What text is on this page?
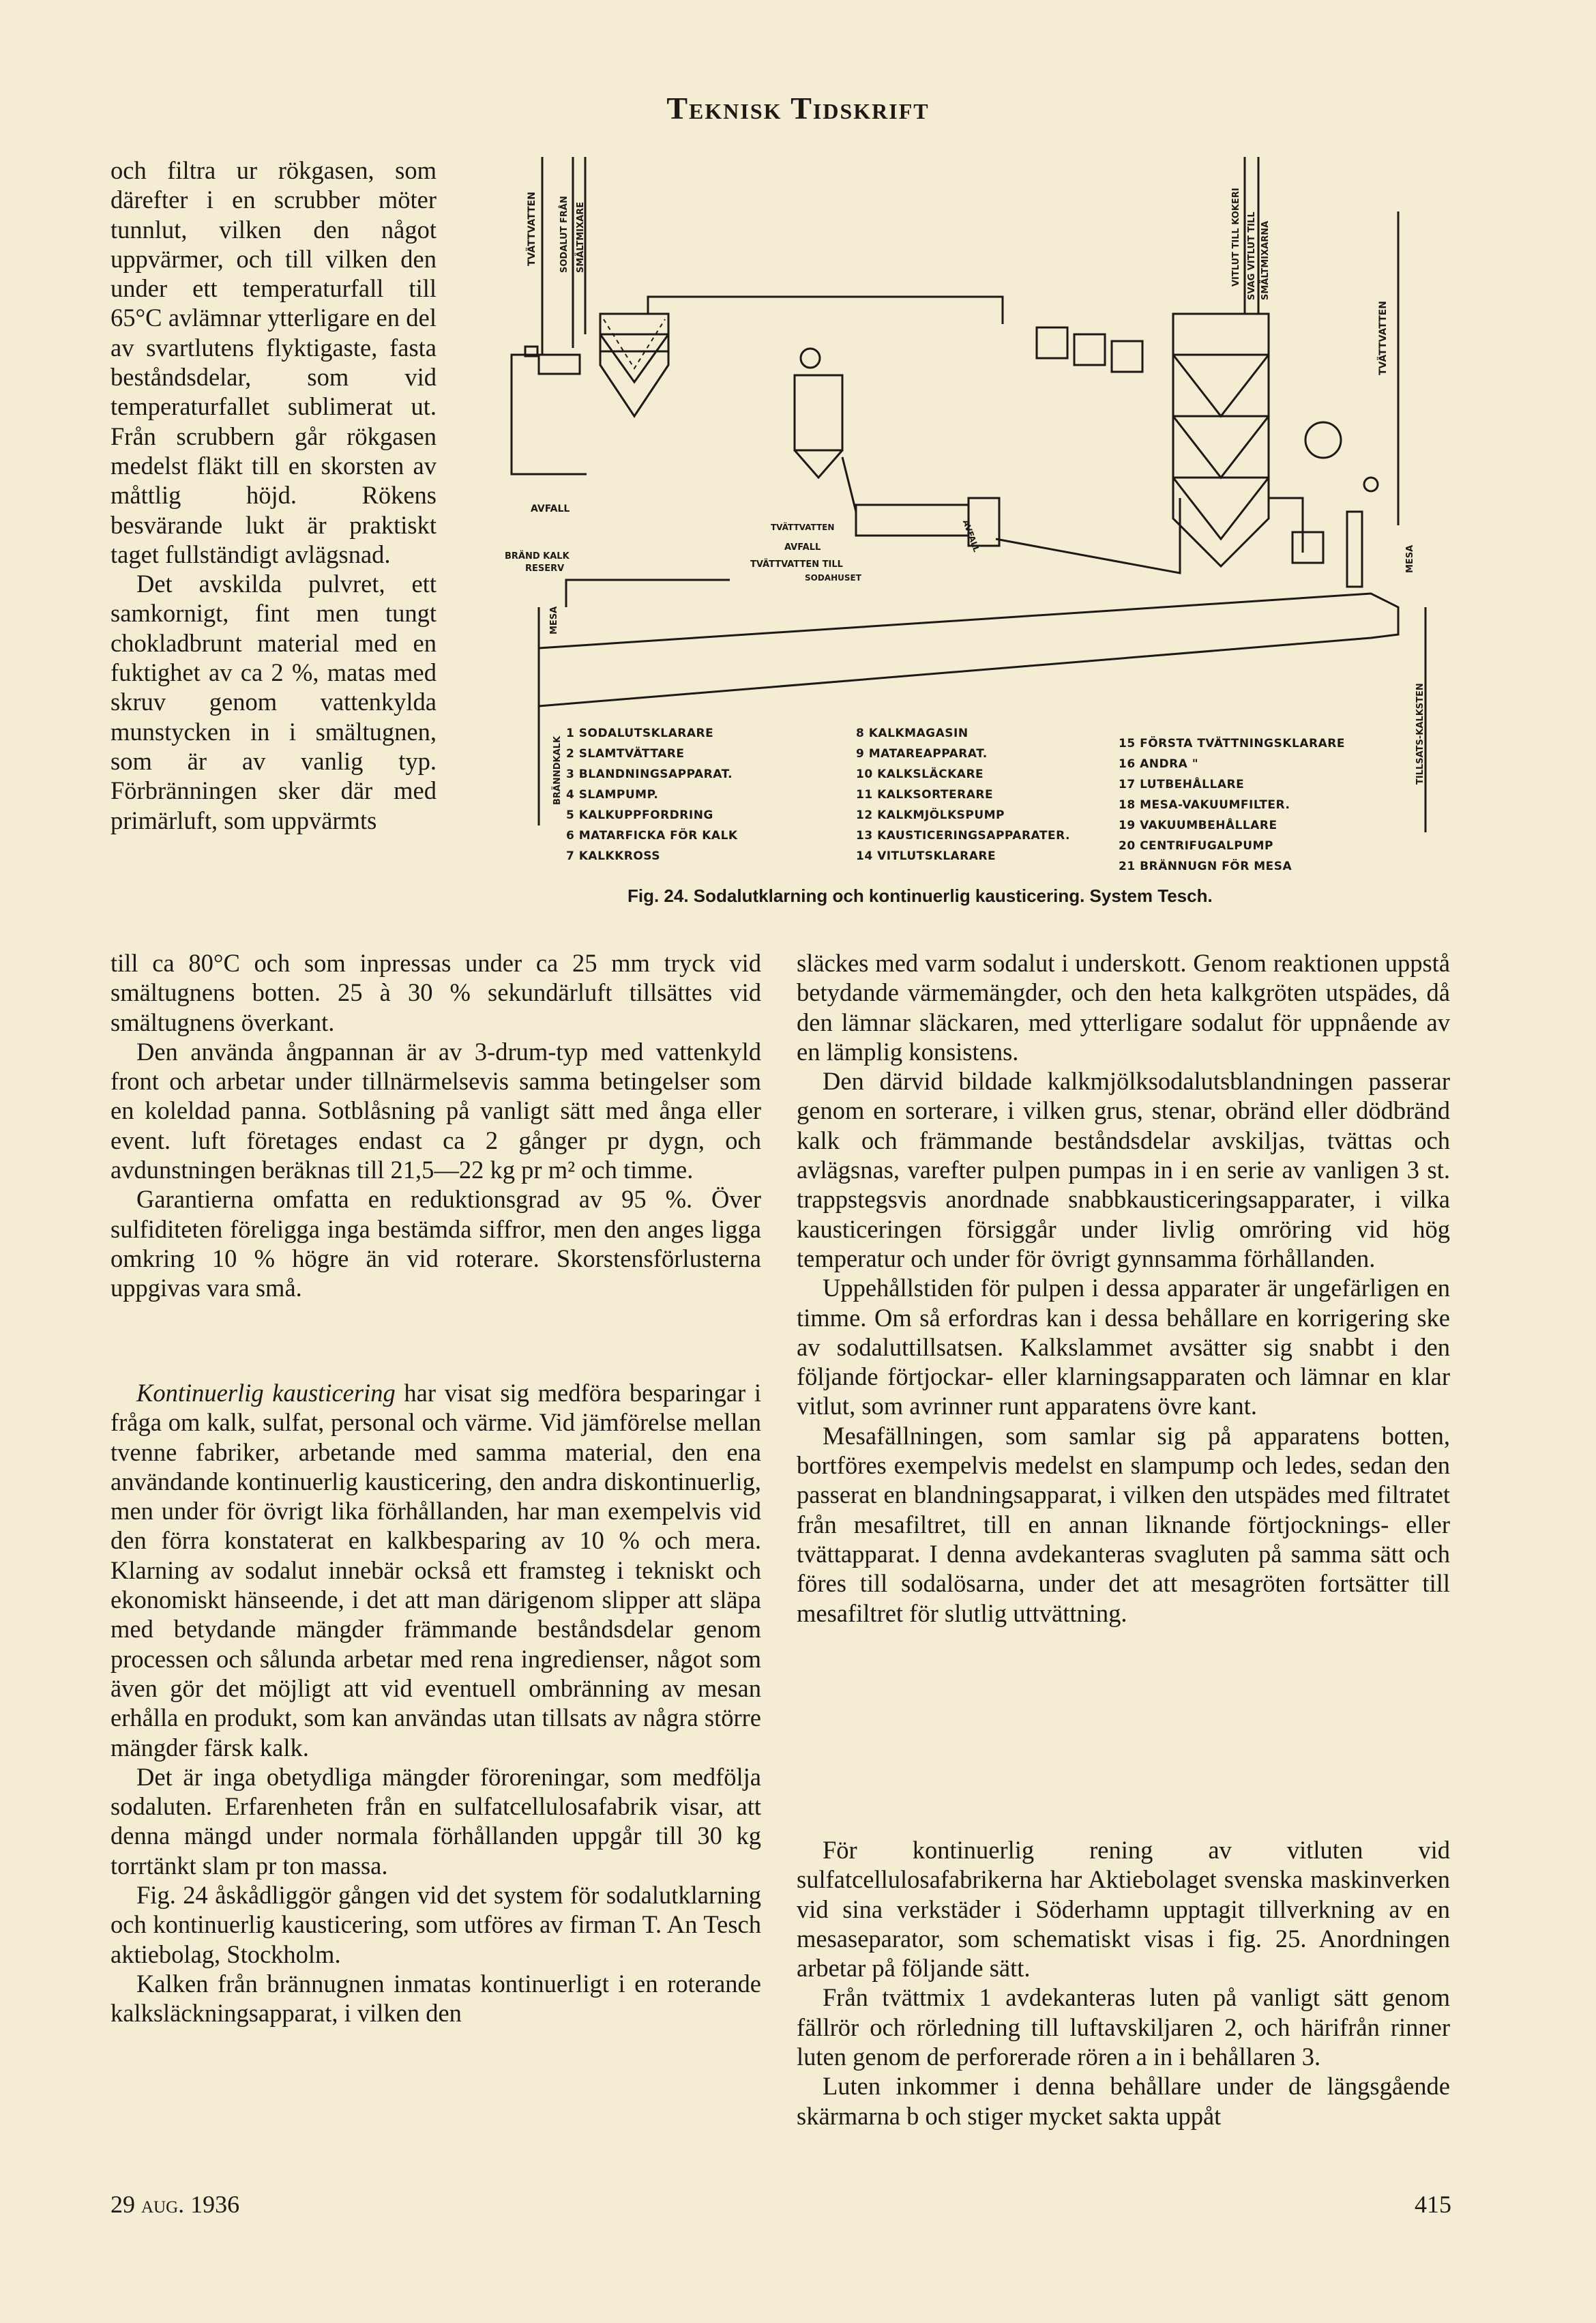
Teknisk Tidskrift

och filtra ur rökgasen, som därefter i en scrubber möter tunnlut, vilken den något uppvärmer, och till vilken den under ett temperaturfall till 65°C avlämnar ytterligare en del av svartlutens flyktigaste, fasta beståndsdelar, som vid temperaturfallet sublimerat ut. Från scrubbern går rökgasen medelst fläkt till en skorsten av måttlig höjd. Rökens besvärande lukt är praktiskt taget fullständigt avlägsnad.

Det avskilda pulvret, ett samkornigt, fint men tungt chokladbrunt material med en fuktighet av ca 2 %, matas med skruv genom vattenkylda munstycken in i smältugnen, som är av vanlig typ. Förbränningen sker där med primärluft, som uppvärmts

TVÄTTVATTEN SODALUT FRÅN SMÄLTMIXARE	VITLUT TILL KOKERI SVAG VITLUT TILL SMÄLTMIXARNA
TVÄTTVATTEN
AVFALL
BRÄND KALK
RESERV
TVÄTTVATTEN
AVFALL
TVÄTTVATTEN TILL
SODAHUSET
AVFALL
MESA
MESA
TILLSATS-KALKSTEN
BRÄNNDKALK
1 SODALUTSKLARARE
2 SLAMTVÄTTARE
3 BLANDNINGSAPPARAT.
4 SLAMPUMP.
5 KALKUPPFORDRING
6 MATARFICKA FÖR KALK
7 KALKKROSS
8 KALKMAGASIN
9 MATAREAPPARAT.
10 KALKSLÄCKARE
11 KALKSORTERARE
12 KALKMJÖLKSPUMP
13 KAUSTICERINGSAPPARATER.
14 VITLUTSKLARARE
15 FÖRSTA TVÄTTNINGSKLARARE
16 ANDRA "
17 LUTBEHÅLLARE
18 MESA-VAKUUMFILTER.
19 VAKUUMBEHÅLLARE
20 CENTRIFUGALPUMP
21 BRÄNNUGN FÖR MESA
Fig. 24. Sodalutklarning och kontinuerlig kausticering. System Tesch.

till ca 80°C och som inpressas under ca 25 mm tryck vid smältugnens botten. 25 à 30 % sekundärluft tillsättes vid smältugnens överkant.

Den använda ångpannan är av 3-drum-typ med vattenkyld front och arbetar under tillnärmelsevis samma betingelser som en koleldad panna. Sotblåsning på vanligt sätt med ånga eller event. luft företages endast ca 2 gånger pr dygn, och avdunstningen beräknas till 21,5—22 kg pr m² och timme.

Garantierna omfatta en reduktionsgrad av 95 %. Över sulfiditeten föreligga inga bestämda siffror, men den anges ligga omkring 10 % högre än vid roterare. Skorstensförlusterna uppgivas vara små.

Kontinuerlig kausticering har visat sig medföra besparingar i fråga om kalk, sulfat, personal och värme. Vid jämförelse mellan tvenne fabriker, arbetande med samma material, den ena användande kontinuerlig kausticering, den andra diskontinuerlig, men under för övrigt lika förhållanden, har man exempelvis vid den förra konstaterat en kalkbesparing av 10 % och mera. Klarning av sodalut innebär också ett framsteg i tekniskt och ekonomiskt hänseende, i det att man därigenom slipper att släpa med betydande mängder främmande beståndsdelar genom processen och sålunda arbetar med rena ingredienser, något som även gör det möjligt att vid eventuell ombränning av mesan erhålla en produkt, som kan användas utan tillsats av några större mängder färsk kalk.

Det är inga obetydliga mängder föroreningar, som medfölja sodaluten. Erfarenheten från en sulfatcellulosafabrik visar, att denna mängd under normala förhållanden uppgår till 30 kg torrtänkt slam pr ton massa.

Fig. 24 åskådliggör gången vid det system för sodalutklarning och kontinuerlig kausticering, som utföres av firman T. An Tesch aktiebolag, Stockholm.

Kalken från brännugnen inmatas kontinuerligt i en roterande kalksläckningsapparat, i vilken den

släckes med varm sodalut i underskott. Genom reaktionen uppstå betydande värmemängder, och den heta kalkgröten utspädes, då den lämnar släckaren, med ytterligare sodalut för uppnående av en lämplig konsistens.

Den därvid bildade kalkmjölksodalutsblandningen passerar genom en sorterare, i vilken grus, stenar, obränd eller dödbränd kalk och främmande beståndsdelar avskiljas, tvättas och avlägsnas, varefter pulpen pumpas in i en serie av vanligen 3 st. trappstegsvis anordnade snabbkausticeringsapparater, i vilka kausticeringen försiggår under livlig omröring vid hög temperatur och under för övrigt gynnsamma förhållanden.

Uppehållstiden för pulpen i dessa apparater är ungefärligen en timme. Om så erfordras kan i dessa behållare en korrigering ske av sodaluttillsatsen. Kalkslammet avsätter sig snabbt i den följande förtjockar- eller klarningsapparaten och lämnar en klar vitlut, som avrinner runt apparatens övre kant.

Mesafällningen, som samlar sig på apparatens botten, bortföres exempelvis medelst en slampump och ledes, sedan den passerat en blandningsapparat, i vilken den utspädes med filtratet från mesafiltret, till en annan liknande förtjocknings- eller tvättapparat. I denna avdekanteras svagluten på samma sätt och föres till sodalösarna, under det att mesagröten fortsätter till mesafiltret för slutlig uttvättning.

För kontinuerlig rening av vitluten vid sulfatcellulosafabrikerna har Aktiebolaget svenska maskinverken vid sina verkstäder i Söderhamn upptagit tillverkning av en mesaseparator, som schematiskt visas i fig. 25. Anordningen arbetar på följande sätt.

Från tvättmix 1 avdekanteras luten på vanligt sätt genom fällrör och rörledning till luftavskiljaren 2, och härifrån rinner luten genom de perforerade rören a in i behållaren 3.

Luten inkommer i denna behållare under de längsgående skärmarna b och stiger mycket sakta uppåt

29 aug. 1936	415
